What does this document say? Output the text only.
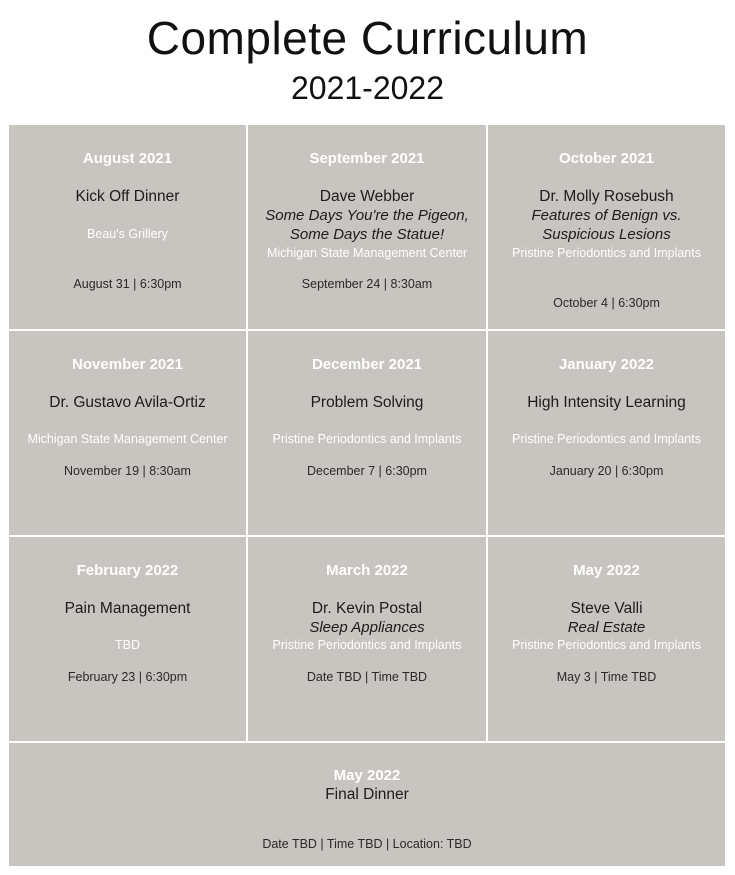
Complete Curriculum
2021-2022
August 2021
Kick Off Dinner
Beau's Grillery
August 31 | 6:30pm
September 2021
Dave Webber
Some Days You're the Pigeon,
Some Days the Statue!
Michigan State Management Center
September 24 | 8:30am
October 2021
Dr. Molly Rosebush
Features of Benign vs.
Suspicious Lesions
Pristine Periodontics and Implants
October 4 | 6:30pm
November 2021
Dr. Gustavo Avila-Ortiz
Michigan State Management Center
November 19 | 8:30am
December 2021
Problem Solving
Pristine Periodontics and Implants
December 7 | 6:30pm
January 2022
High Intensity Learning
Pristine Periodontics and Implants
January 20 | 6:30pm
February 2022
Pain Management
TBD
February 23 | 6:30pm
March 2022
Dr. Kevin Postal
Sleep Appliances
Pristine Periodontics and Implants
Date TBD | Time TBD
May 2022
Steve Valli
Real Estate
Pristine Periodontics and Implants
May 3 | Time TBD
May 2022
Final Dinner
Date TBD | Time TBD | Location: TBD
